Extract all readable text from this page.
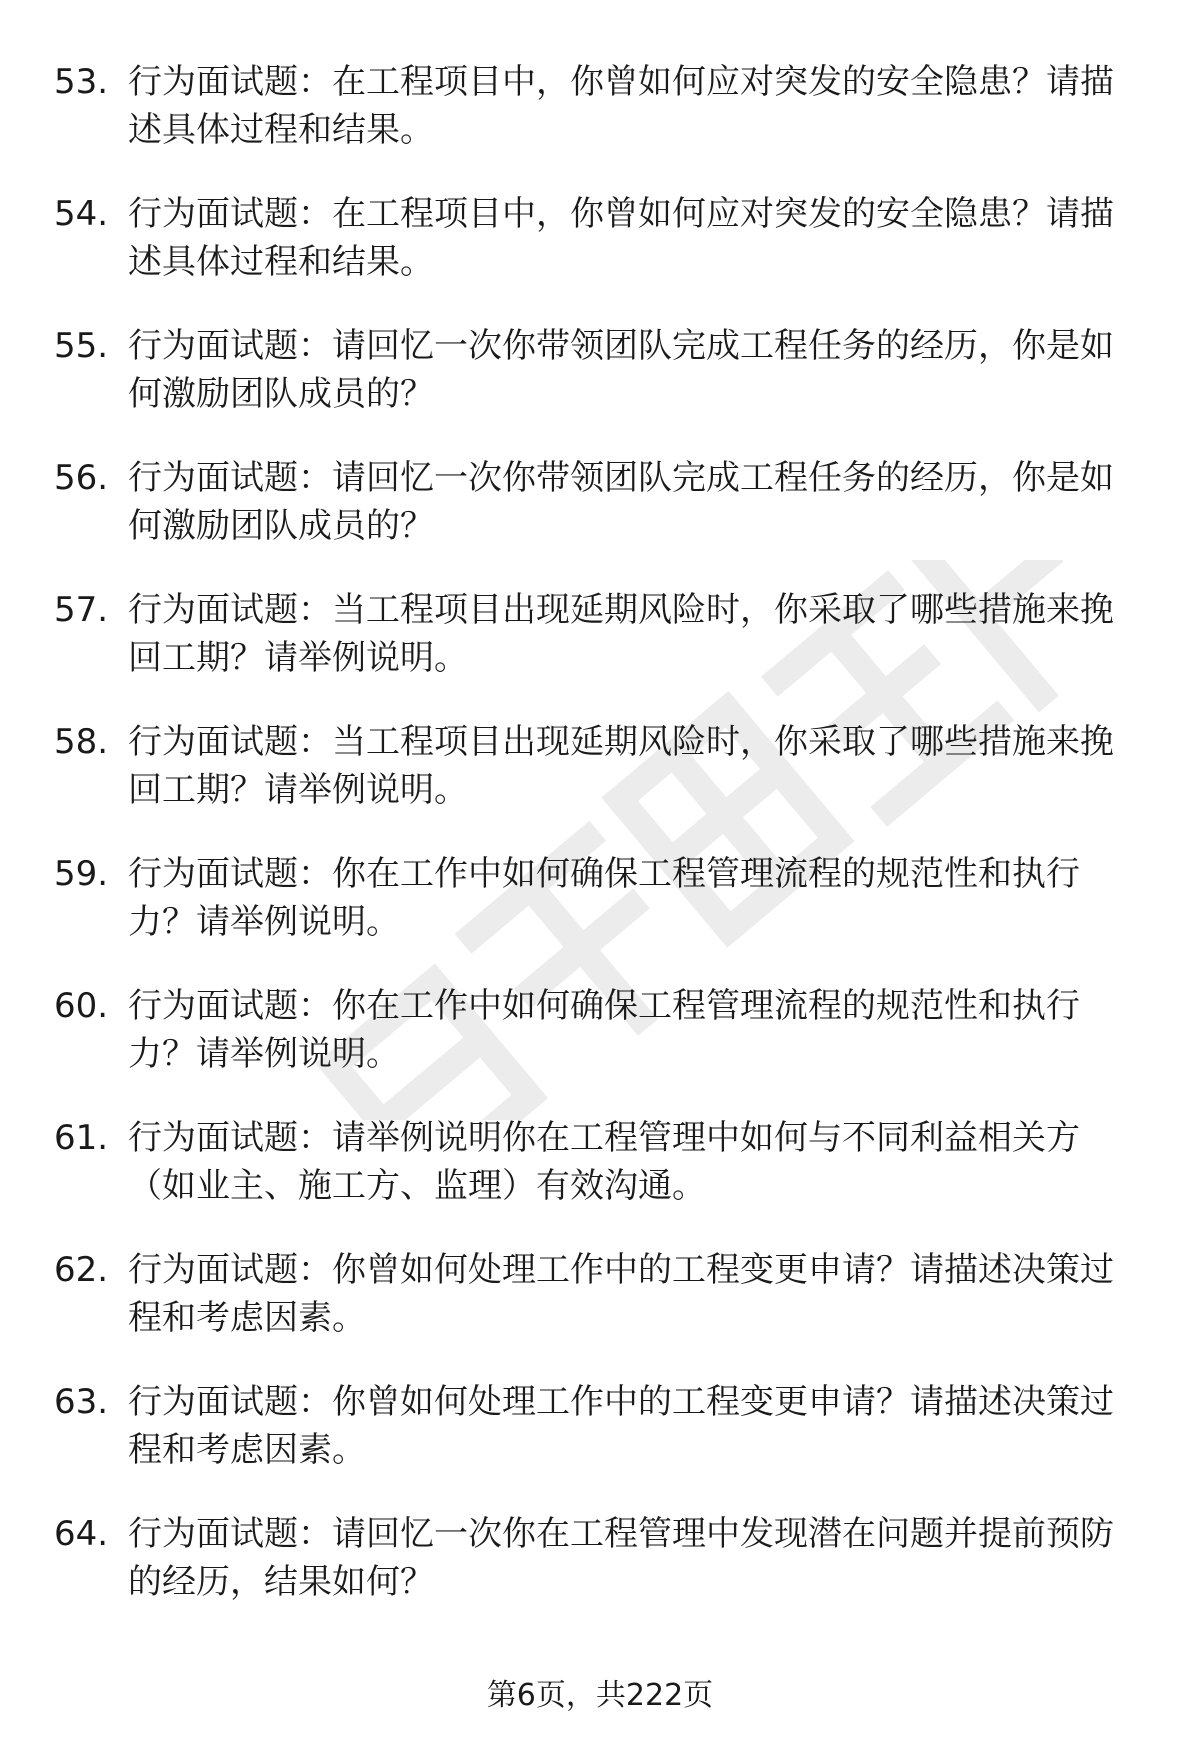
53. 行为面试题：在工程项目中，你曾如何应对突发的安全隐患？请描述具体过程和结果。
54. 行为面试题：在工程项目中，你曾如何应对突发的安全隐患？请描述具体过程和结果。
55. 行为面试题：请回忆一次你带领团队完成工程任务的经历，你是如何激励团队成员的？
56. 行为面试题：请回忆一次你带领团队完成工程任务的经历，你是如何激励团队成员的？
57. 行为面试题：当工程项目出现延期风险时，你采取了哪些措施来挽回工期？请举例说明。
58. 行为面试题：当工程项目出现延期风险时，你采取了哪些措施来挽回工期？请举例说明。
59. 行为面试题：你在工作中如何确保工程管理流程的规范性和执行力？请举例说明。
60. 行为面试题：你在工作中如何确保工程管理流程的规范性和执行力？请举例说明。
61. 行为面试题：请举例说明你在工程管理中如何与不同利益相关方（如业主、施工方、监理）有效沟通。
62. 行为面试题：你曾如何处理工作中的工程变更申请？请描述决策过程和考虑因素。
63. 行为面试题：你曾如何处理工作中的工程变更申请？请描述决策过程和考虑因素。
64. 行为面试题：请回忆一次你在工程管理中发现潜在问题并提前预防的经历，结果如何？
第6页，共222页
